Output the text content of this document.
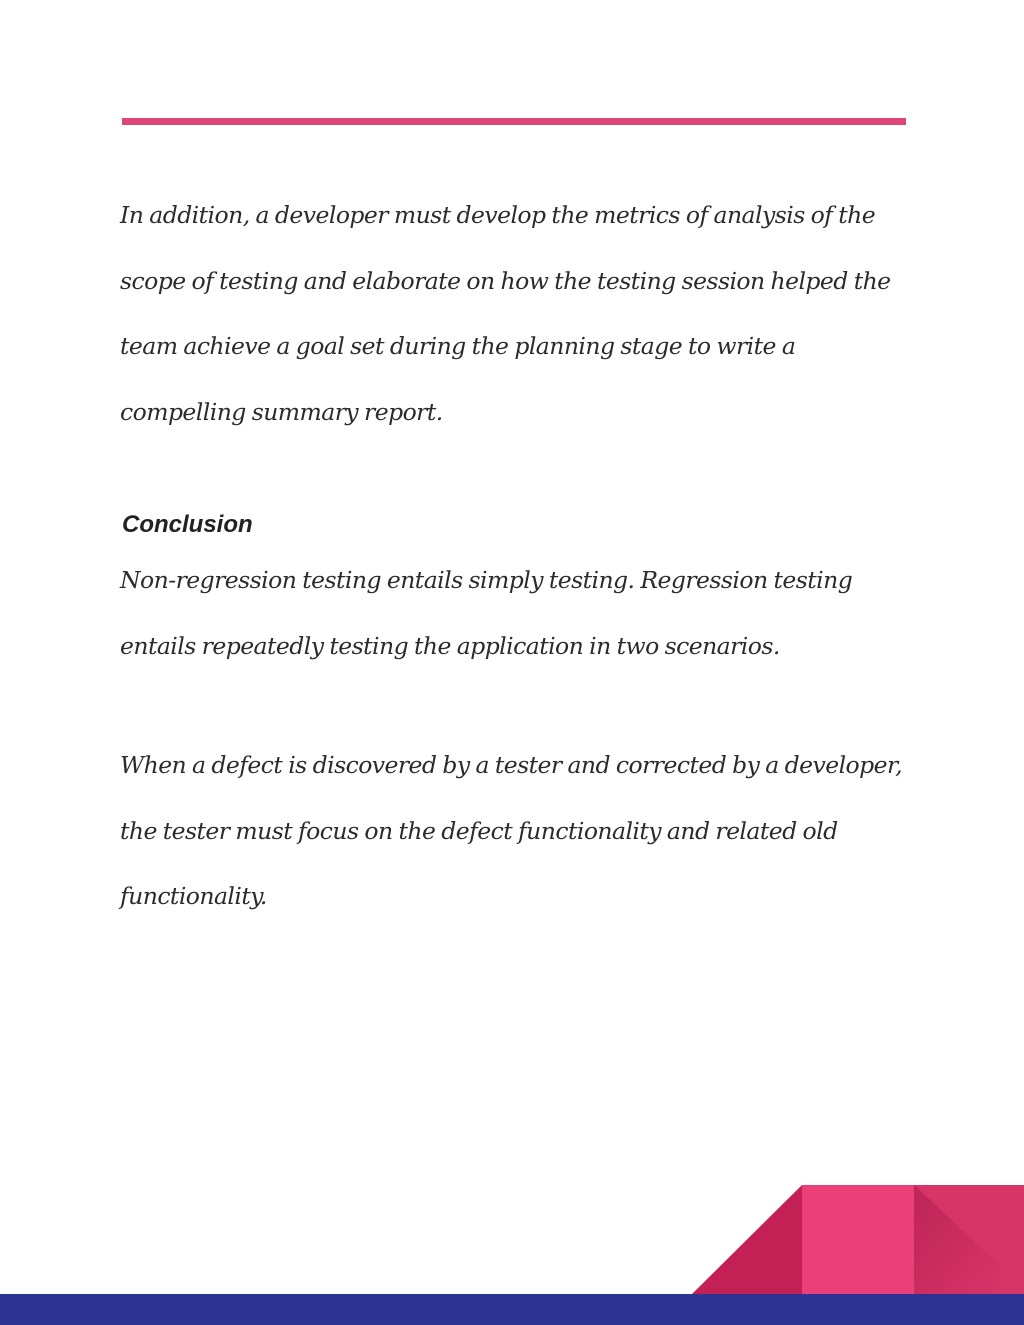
In addition, a developer must develop the metrics of analysis of the
scope of testing and elaborate on how the testing session helped the
team achieve a goal set during the planning stage to write a
compelling summary report.

Conclusion

Non-regression testing entails simply testing. Regression testing
entails repeatedly testing the application in two scenarios.

When a defect is discovered by a tester and corrected by a developer,
the tester must focus on the defect functionality and related old
functionality.
